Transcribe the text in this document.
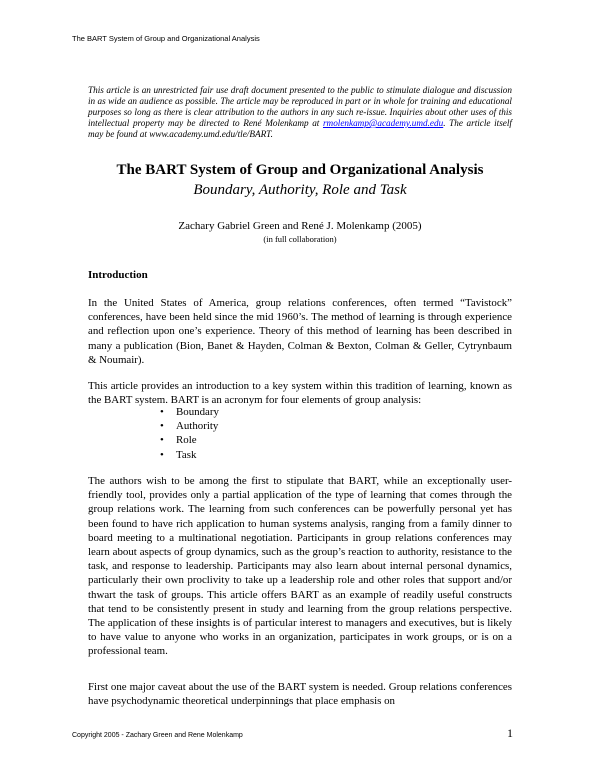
The BART System of Group and Organizational Analysis
This article is an unrestricted fair use draft document presented to the public to stimulate dialogue and discussion in as wide an audience as possible. The article may be reproduced in part or in whole for training and educational purposes so long as there is clear attribution to the authors in any such re-issue. Inquiries about other uses of this intellectual property may be directed to René Molenkamp at rmolenkamp@academy.umd.edu. The article itself may be found at www.academy.umd.edu/tle/BART.
The BART System of Group and Organizational Analysis
Boundary, Authority, Role and Task
Zachary Gabriel Green and René J. Molenkamp (2005)
(in full collaboration)
Introduction

In the United States of America, group relations conferences, often termed “Tavistock” conferences, have been held since the mid 1960’s. The method of learning is through experience and reflection upon one’s experience. Theory of this method of learning has been described in many a publication (Bion, Banet & Hayden, Colman & Bexton, Colman & Geller, Cytrynbaum & Noumair).

This article provides an introduction to a key system within this tradition of learning, known as the BART system. BART is an acronym for four elements of group analysis:

• Boundary
• Authority
• Role
• Task

The authors wish to be among the first to stipulate that BART, while an exceptionally user-friendly tool, provides only a partial application of the type of learning that comes through the group relations work. The learning from such conferences can be powerfully personal yet has been found to have rich application to human systems analysis, ranging from a family dinner to board meeting to a multinational negotiation. Participants in group relations conferences may learn about aspects of group dynamics, such as the group’s reaction to authority, resistance to the task, and response to leadership. Participants may also learn about internal personal dynamics, particularly their own proclivity to take up a leadership role and other roles that support and/or thwart the task of groups. This article offers BART as an example of readily useful constructs that tend to be consistently present in study and learning from the group relations perspective. The application of these insights is of particular interest to managers and executives, but is likely to have value to anyone who works in an organization, participates in work groups, or is on a professional team.

First one major caveat about the use of the BART system is needed. Group relations conferences have psychodynamic theoretical underpinnings that place emphasis on

Copyright 2005 - Zachary Green and Rene Molenkamp	1
